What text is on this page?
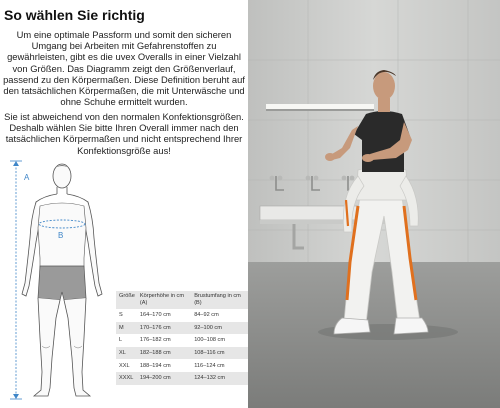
So wählen Sie richtig

Um eine optimale Passform und somit den sicheren Umgang bei Arbeiten mit Gefahrenstoffen zu gewährleisten, gibt es die uvex Overalls in einer Vielzahl von Größen. Das Diagramm zeigt den Größenverlauf, passend zu den Körpermaßen. Diese Definition beruht auf den tatsächlichen Körpermaßen, die mit Unterwäsche und ohne Schuhe ermittelt wurden.

Sie ist abweichend von den normalen Konfektionsgrößen. Deshalb wählen Sie bitte Ihren Overall immer nach den tatsächlichen Körpermaßen und nicht entsprechend Ihrer Konfektionsgröße aus!

A
B
Größe	Körperhöhe in cm (A)	Brustumfang in cm (B)
S	164–170 cm	84–92 cm
M	170–176 cm	92–100 cm
L	176–182 cm	100–108 cm
XL	182–188 cm	108–116 cm
XXL	188–194 cm	116–124 cm
XXXL	194–200 cm	124–132 cm
